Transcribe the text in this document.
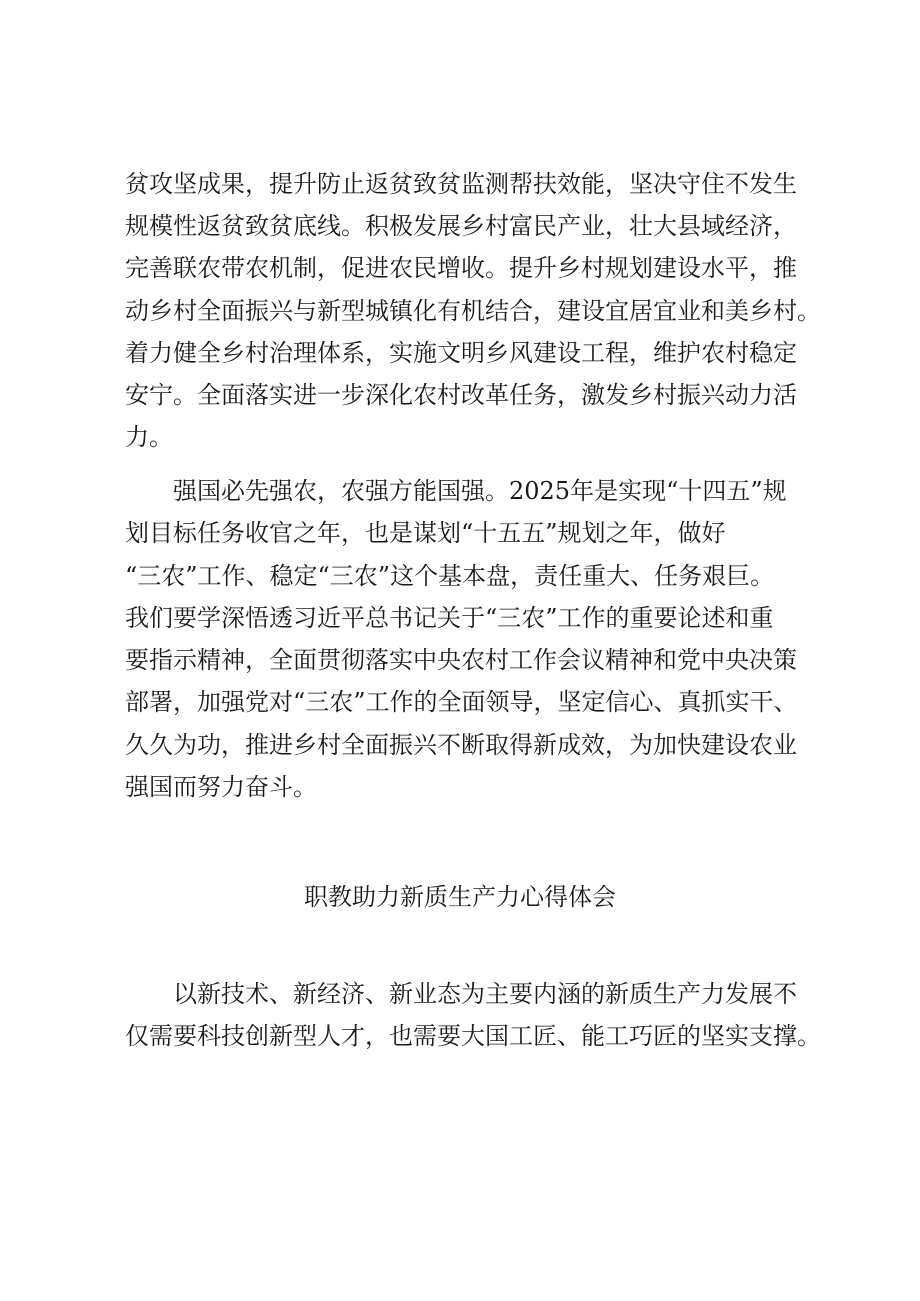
贫攻坚成果，提升防止返贫致贫监测帮扶效能，坚决守住不发生

规模性返贫致贫底线。积极发展乡村富民产业，壮大县域经济，

完善联农带农机制，促进农民增收。提升乡村规划建设水平，推

动乡村全面振兴与新型城镇化有机结合，建设宜居宜业和美乡村。

着力健全乡村治理体系，实施文明乡风建设工程，维护农村稳定

安宁。全面落实进一步深化农村改革任务，激发乡村振兴动力活

力。

强国必先强农，农强方能国强。2025年是实现“十四五”规

划目标任务收官之年，也是谋划“十五五”规划之年，做好

“三农”工作、稳定“三农”这个基本盘，责任重大、任务艰巨。

我们要学深悟透习近平总书记关于“三农”工作的重要论述和重

要指示精神，全面贯彻落实中央农村工作会议精神和党中央决策

部署，加强党对“三农”工作的全面领导，坚定信心、真抓实干、

久久为功，推进乡村全面振兴不断取得新成效，为加快建设农业

强国而努力奋斗。

职教助力新质生产力心得体会

以新技术、新经济、新业态为主要内涵的新质生产力发展不

仅需要科技创新型人才，也需要大国工匠、能工巧匠的坚实支撑。
